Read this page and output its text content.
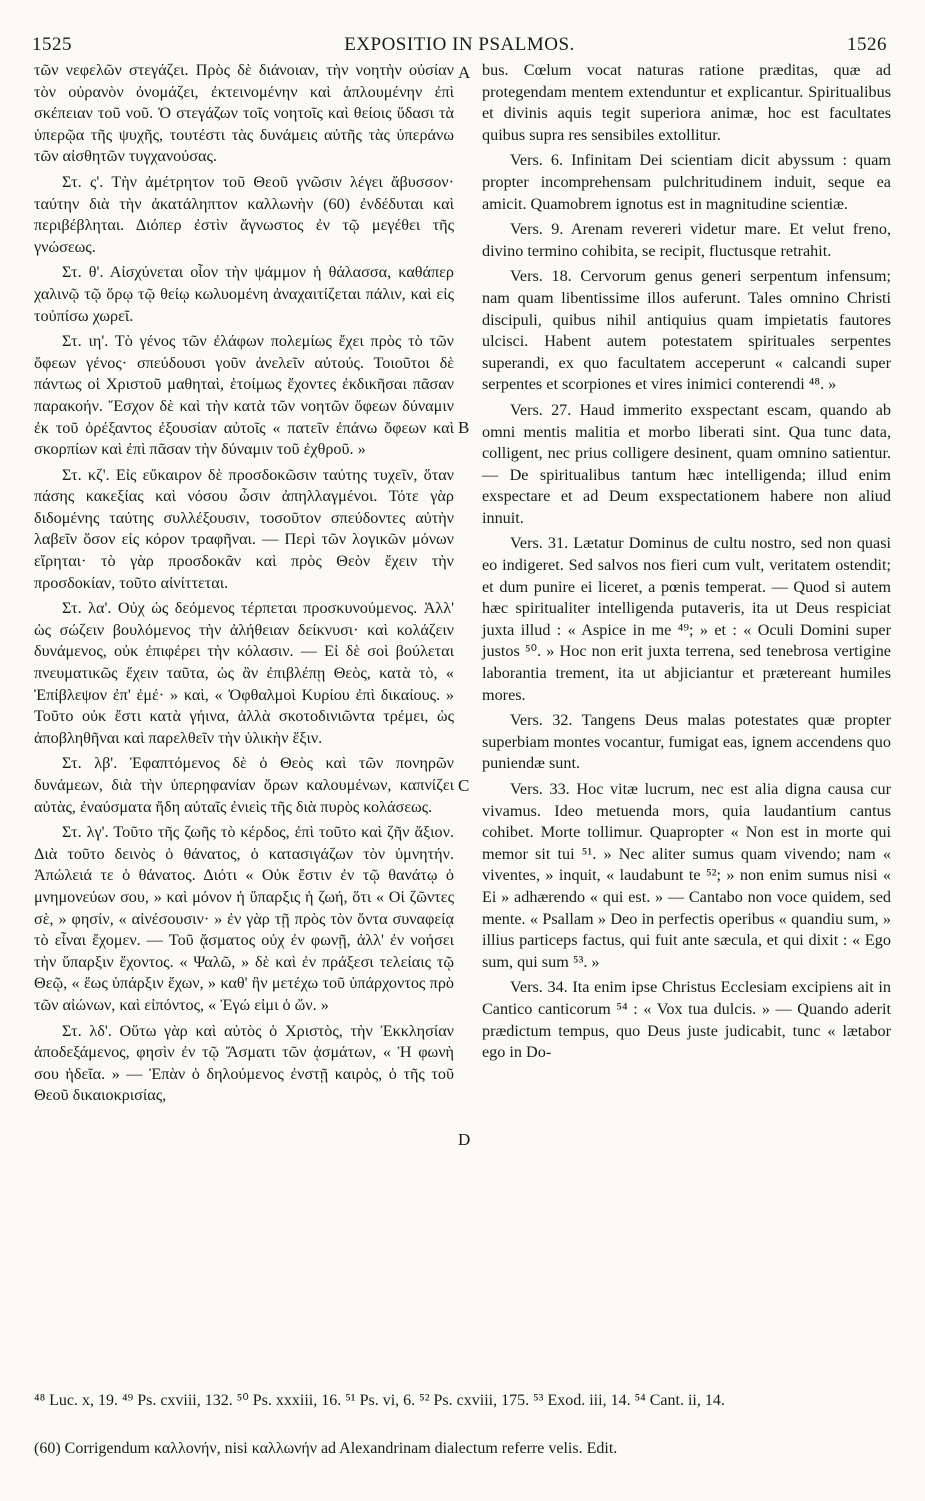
1525	EXPOSITIO IN PSALMOS.	1526

τῶν νεφελῶν στεγάζει. Πρὸς δὲ διάνοιαν, τὴν νοητὴν οὐσίαν τὸν οὐρανὸν ὀνομάζει, ἐκτεινομένην καὶ ἁπλουμένην ἐπὶ σκέπειαν τοῦ νοῦ. Ὁ στεγάζων τοῖς νοητοῖς καὶ θείοις ὕδασι τὰ ὑπερῷα τῆς ψυχῆς, τουτέστι τὰς δυνάμεις αὐτῆς τὰς ὑπεράνω τῶν αἰσθητῶν τυγχανούσας.

Στ. ς'. Τὴν ἀμέτρητον τοῦ Θεοῦ γνῶσιν λέγει ἄβυσσον· ταύτην διὰ τὴν ἀκατάληπτον καλλωνὴν (60) ἐνδέδυται καὶ περιβέβληται. Διόπερ ἐστὶν ἄγνωστος ἐν τῷ μεγέθει τῆς γνώσεως.

Στ. θ'. Αἰσχύνεται οἷον τὴν ψάμμον ἡ θάλασσα, καθάπερ χαλινῷ τῷ ὅρῳ τῷ θείῳ κωλυομένη ἀναχαιτίζεται πάλιν, καὶ εἰς τοὐπίσω χωρεῖ.

Στ. ιη'. Τὸ γένος τῶν ἐλάφων πολεμίως ἔχει πρὸς τὸ τῶν ὄφεων γένος· σπεύδουσι γοῦν ἀνελεῖν αὐτούς. Τοιοῦτοι δὲ πάντως οἱ Χριστοῦ μαθηταὶ, ἑτοίμως ἔχοντες ἐκδικῆσαι πᾶσαν παρακοήν. Ἔσχον δὲ καὶ τὴν κατὰ τῶν νοητῶν ὄφεων δύναμιν ἐκ τοῦ ὀρέξαντος ἐξουσίαν αὐτοῖς « πατεῖν ἐπάνω ὄφεων καὶ σκορπίων καὶ ἐπὶ πᾶσαν τὴν δύναμιν τοῦ ἐχθροῦ. »

Στ. κζ'. Εἰς εὔκαιρον δὲ προσδοκῶσιν ταύτης τυχεῖν, ὅταν πάσης κακεξίας καὶ νόσου ὦσιν ἀπηλλαγμένοι. Τότε γὰρ διδομένης ταύτης συλλέξουσιν, τοσοῦτον σπεύδοντες αὐτὴν λαβεῖν ὅσον εἰς κόρον τραφῆναι. — Περὶ τῶν λογικῶν μόνων εἴρηται· τὸ γὰρ προσδοκᾶν καὶ πρὸς Θεὸν ἔχειν τὴν προσδοκίαν, τοῦτο αἰνίττεται.

Στ. λα'. Οὐχ ὡς δεόμενος τέρπεται προσκυνούμενος. Ἀλλ' ὡς σώζειν βουλόμενος τὴν ἀλήθειαν δείκνυσι· καὶ κολάζειν δυνάμενος, οὐκ ἐπιφέρει τὴν κόλασιν. — Εἰ δὲ σοὶ βούλεται πνευματικῶς ἔχειν ταῦτα, ὡς ἂν ἐπιβλέπῃ Θεὸς, κατὰ τὸ, « Ἐπίβλεψον ἐπ' ἐμέ· » καὶ, « Ὀφθαλμοὶ Κυρίου ἐπὶ δικαίους. » Τοῦτο οὐκ ἔστι κατὰ γήινα, ἀλλὰ σκοτοδινιῶντα τρέμει, ὡς ἀποβληθῆναι καὶ παρελθεῖν τὴν ὑλικὴν ἕξιν.

Στ. λβ'. Ἐφαπτόμενος δὲ ὁ Θεὸς καὶ τῶν πονηρῶν δυνάμεων, διὰ τὴν ὑπερηφανίαν ὄρων καλουμένων, καπνίζει αὐτὰς, ἐναύσματα ἤδη αὐταῖς ἐνιεὶς τῆς διὰ πυρὸς κολάσεως.

Στ. λγ'. Τοῦτο τῆς ζωῆς τὸ κέρδος, ἐπὶ τοῦτο καὶ ζῆν ἄξιον. Διὰ τοῦτο δεινὸς ὁ θάνατος, ὁ κατασιγάζων τὸν ὑμνητήν. Ἀπώλειά τε ὁ θάνατος. Διότι « Οὐκ ἔστιν ἐν τῷ θανάτῳ ὁ μνημονεύων σου, » καὶ μόνον ἡ ὕπαρξις ἡ ζωή, ὅτι « Οἱ ζῶντες σὲ, » φησίν, « αἰνέσουσιν· » ἐν γὰρ τῇ πρὸς τὸν ὄντα συναφείᾳ τὸ εἶναι ἔχομεν. — Τοῦ ᾄσματος οὐχ ἐν φωνῇ, ἀλλ' ἐν νοήσει τὴν ὕπαρξιν ἔχοντος. « Ψαλῶ, » δὲ καὶ ἐν πράξεσι τελείαις τῷ Θεῷ, « ἕως ὑπάρξιν ἔχων, » καθ' ἣν μετέχω τοῦ ὑπάρχοντος πρὸ τῶν αἰώνων, καὶ εἰπόντος, « Ἐγώ εἰμι ὁ ὤν. »

Στ. λδ'. Οὕτω γὰρ καὶ αὐτὸς ὁ Χριστὸς, τὴν Ἐκκλησίαν ἀποδεξάμενος, φησὶν ἐν τῷ Ἄσματι τῶν ᾀσμάτων, « Ἡ φωνὴ σου ἡδεῖα. » — Ἐπὰν ὁ δηλούμενος ἐνστῇ καιρὸς, ὁ τῆς τοῦ Θεοῦ δικαιοκρισίας,

A
B
C
D

bus. Cœlum vocat naturas ratione præditas, quæ ad protegendam mentem extenduntur et explicantur. Spiritualibus et divinis aquis tegit superiora animæ, hoc est facultates quibus supra res sensibiles extollitur.

Vers. 6. Infinitam Dei scientiam dicit abyssum : quam propter incomprehensam pulchritudinem induit, seque ea amicit. Quamobrem ignotus est in magnitudine scientiæ.

Vers. 9. Arenam revereri videtur mare. Et velut freno, divino termino cohibita, se recipit, fluctusque retrahit.

Vers. 18. Cervorum genus generi serpentum infensum; nam quam libentissime illos auferunt. Tales omnino Christi discipuli, quibus nihil antiquius quam impietatis fautores ulcisci. Habent autem potestatem spirituales serpentes superandi, ex quo facultatem acceperunt « calcandi super serpentes et scorpiones et vires inimici conterendi ⁴⁸. »

Vers. 27. Haud immerito exspectant escam, quando ab omni mentis malitia et morbo liberati sint. Qua tunc data, colligent, nec prius colligere desinent, quam omnino satientur. — De spiritualibus tantum hæc intelligenda; illud enim exspectare et ad Deum exspectationem habere non aliud innuit.

Vers. 31. Lætatur Dominus de cultu nostro, sed non quasi eo indigeret. Sed salvos nos fieri cum vult, veritatem ostendit; et dum punire ei liceret, a pœnis temperat. — Quod si autem hæc spiritualiter intelligenda putaveris, ita ut Deus respiciat juxta illud : « Aspice in me ⁴⁹; » et : « Oculi Domini super justos ⁵⁰. » Hoc non erit juxta terrena, sed tenebrosa vertigine laborantia trement, ita ut abjiciantur et prætereant humiles mores.

Vers. 32. Tangens Deus malas potestates quæ propter superbiam montes vocantur, fumigat eas, ignem accendens quo puniendæ sunt.

Vers. 33. Hoc vitæ lucrum, nec est alia digna causa cur vivamus. Ideo metuenda mors, quia laudantium cantus cohibet. Morte tollimur. Quapropter « Non est in morte qui memor sit tui ⁵¹. » Nec aliter sumus quam vivendo; nam « viventes, » inquit, « laudabunt te ⁵²; » non enim sumus nisi « Ei » adhærendo « qui est. » — Cantabo non voce quidem, sed mente. « Psallam » Deo in perfectis operibus « quandiu sum, » illius particeps factus, qui fuit ante sæcula, et qui dixit : « Ego sum, qui sum ⁵³. »

Vers. 34. Ita enim ipse Christus Ecclesiam excipiens ait in Cantico canticorum ⁵⁴ : « Vox tua dulcis. » — Quando aderit prædictum tempus, quo Deus juste judicabit, tunc « lætabor ego in Do-

⁴⁸ Luc. x, 19. ⁴⁹ Ps. cxviii, 132. ⁵⁰ Ps. xxxiii, 16. ⁵¹ Ps. vi, 6. ⁵² Ps. cxviii, 175. ⁵³ Exod. iii, 14. ⁵⁴ Cant. ii, 14.
(60) Corrigendum καλλονήν, nisi καλλωνήν ad Alexandrinam dialectum referre velis. Edit.
